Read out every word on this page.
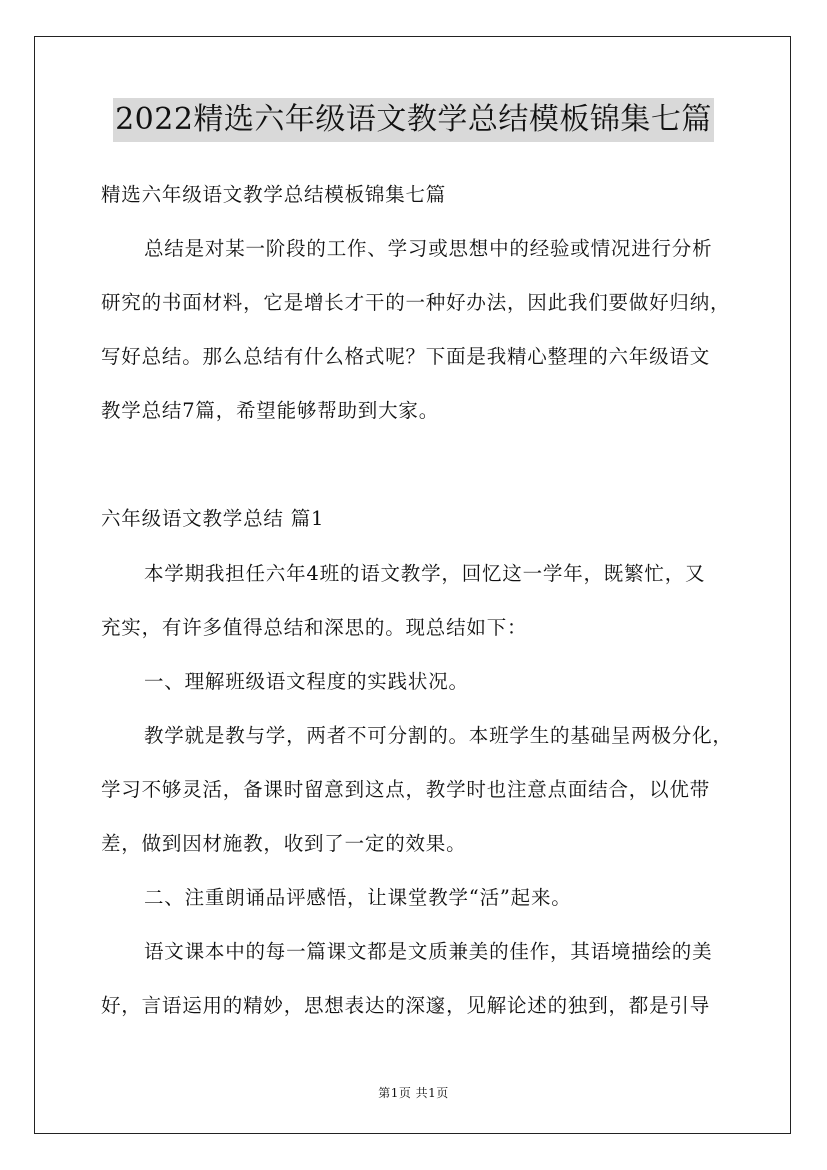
2022精选六年级语文教学总结模板锦集七篇
精选六年级语文教学总结模板锦集七篇
总结是对某一阶段的工作、学习或思想中的经验或情况进行分析
研究的书面材料，它是增长才干的一种好办法，因此我们要做好归纳，
写好总结。那么总结有什么格式呢？下面是我精心整理的六年级语文
教学总结7篇，希望能够帮助到大家。
六年级语文教学总结 篇1
本学期我担任六年4班的语文教学，回忆这一学年，既繁忙，又
充实，有许多值得总结和深思的。现总结如下：
一、理解班级语文程度的实践状况。
教学就是教与学，两者不可分割的。本班学生的基础呈两极分化，
学习不够灵活，备课时留意到这点，教学时也注意点面结合，以优带
差，做到因材施教，收到了一定的效果。
二、注重朗诵品评感悟，让课堂教学“活”起来。
语文课本中的每一篇课文都是文质兼美的佳作，其语境描绘的美
好，言语运用的精妙，思想表达的深邃，见解论述的独到，都是引导
第1页 共1页
